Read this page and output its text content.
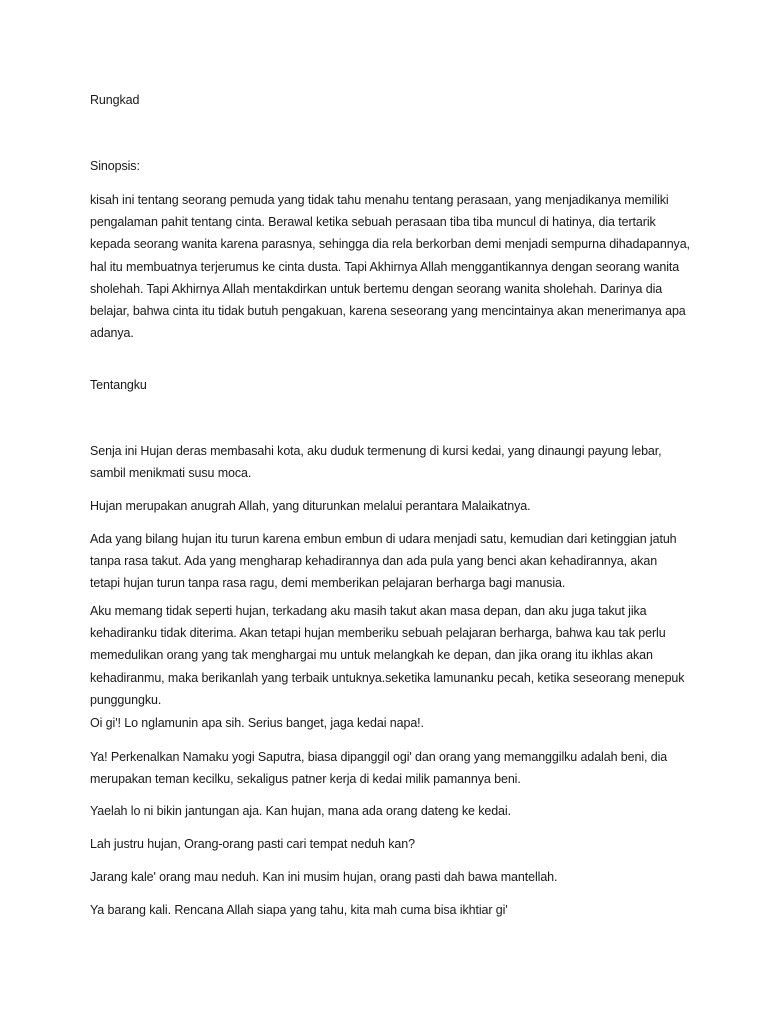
Rungkad

Sinopsis:

kisah ini tentang seorang pemuda yang tidak tahu menahu tentang perasaan, yang menjadikanya memiliki pengalaman pahit tentang cinta. Berawal ketika sebuah perasaan tiba tiba muncul di hatinya, dia tertarik kepada seorang wanita karena parasnya, sehingga dia rela berkorban demi menjadi sempurna dihadapannya, hal itu membuatnya terjerumus ke cinta dusta. Tapi Akhirnya Allah menggantikannya dengan seorang wanita sholehah. Tapi Akhirnya Allah mentakdirkan untuk bertemu dengan seorang wanita sholehah. Darinya dia belajar, bahwa cinta itu tidak butuh pengakuan, karena seseorang yang mencintainya akan menerimanya apa adanya.

Tentangku

Senja ini Hujan deras membasahi kota, aku duduk termenung di kursi kedai, yang dinaungi payung lebar, sambil menikmati susu moca.

Hujan merupakan anugrah Allah, yang diturunkan melalui perantara Malaikatnya.

Ada yang bilang hujan itu turun karena embun embun di udara menjadi satu, kemudian dari ketinggian jatuh tanpa rasa takut. Ada yang mengharap kehadirannya dan ada pula yang benci akan kehadirannya, akan tetapi hujan turun tanpa rasa ragu, demi memberikan pelajaran berharga bagi manusia.

Aku memang tidak seperti hujan, terkadang aku masih takut akan masa depan, dan aku juga takut jika kehadiranku tidak diterima. Akan tetapi hujan memberiku sebuah pelajaran berharga, bahwa kau tak perlu memedulikan orang yang tak menghargai mu untuk melangkah ke depan, dan jika orang itu ikhlas akan kehadiranmu, maka berikanlah yang terbaik untuknya.seketika lamunanku pecah, ketika seseorang menepuk punggungku.

Oi gi'! Lo nglamunin apa sih. Serius banget, jaga kedai napa!.

Ya! Perkenalkan Namaku yogi Saputra, biasa dipanggil ogi' dan orang yang memanggilku adalah beni, dia merupakan teman kecilku, sekaligus patner kerja di kedai milik pamannya beni.

Yaelah lo ni bikin jantungan aja. Kan hujan, mana ada orang dateng ke kedai.

Lah justru hujan, Orang-orang pasti cari tempat neduh kan?

Jarang kale' orang mau neduh. Kan ini musim hujan, orang pasti dah bawa mantellah.

Ya barang kali. Rencana Allah siapa yang tahu, kita mah cuma bisa ikhtiar gi'
